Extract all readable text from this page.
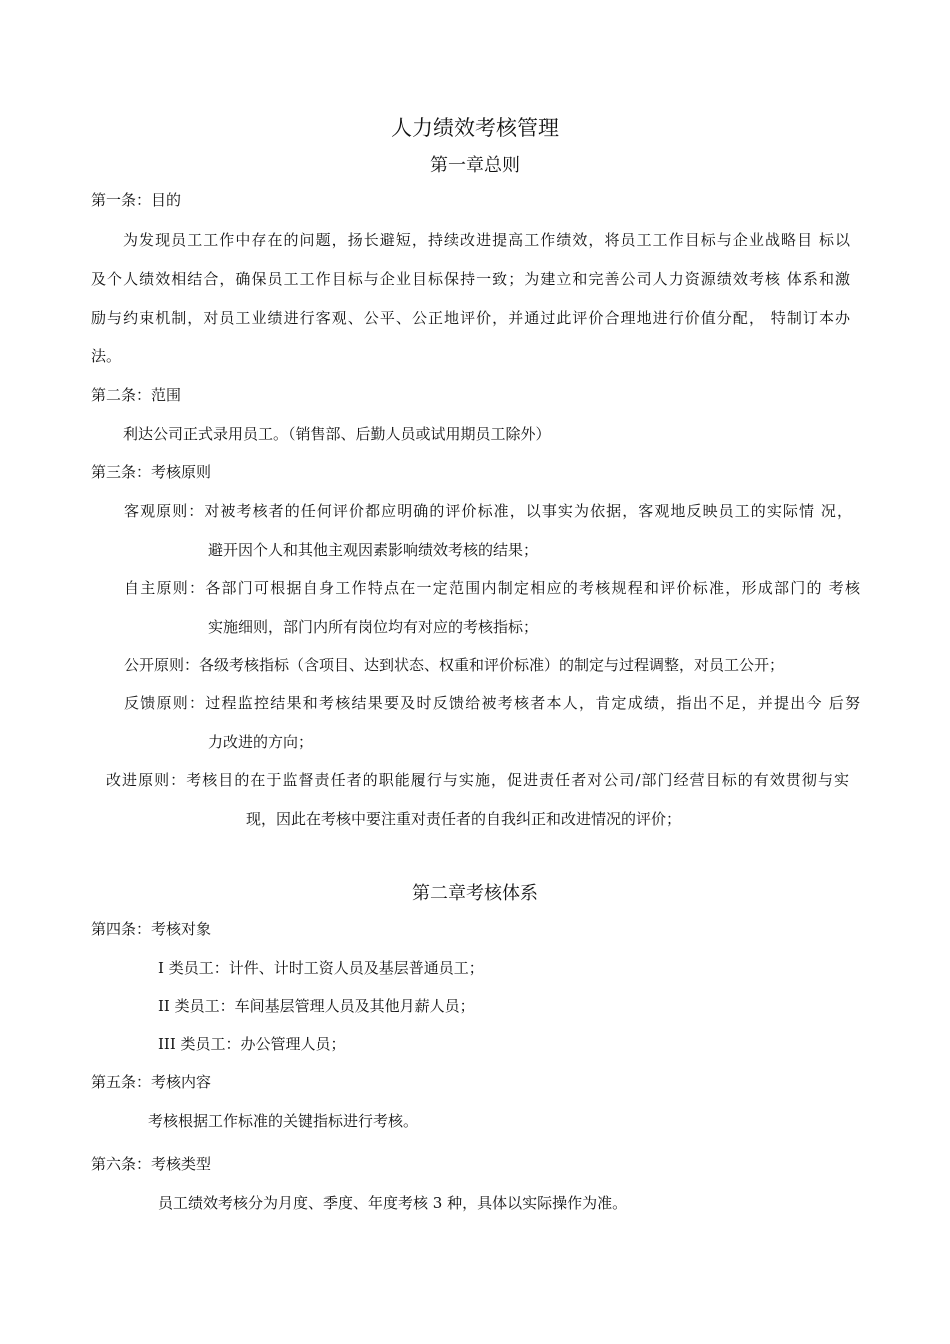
人力绩效考核管理
第一章总则
第一条：目的
为发现员工工作中存在的问题，扬长避短，持续改进提高工作绩效，将员工工作目标与企业战略目 标以
及个人绩效相结合，确保员工工作目标与企业目标保持一致；为建立和完善公司人力资源绩效考核 体系和激
励与约束机制，对员工业绩进行客观、公平、公正地评价，并通过此评价合理地进行价值分配， 特制订本办
法。
第二条：范围
利达公司正式录用员工。（销售部、后勤人员或试用期员工除外）
第三条：考核原则
客观原则：对被考核者的任何评价都应明确的评价标准，以事实为依据，客观地反映员工的实际情 况，
避开因个人和其他主观因素影响绩效考核的结果；
自主原则：各部门可根据自身工作特点在一定范围内制定相应的考核规程和评价标准，形成部门的 考核
实施细则，部门内所有岗位均有对应的考核指标；
公开原则：各级考核指标（含项目、达到状态、权重和评价标准）的制定与过程调整，对员工公开；
反馈原则：过程监控结果和考核结果要及时反馈给被考核者本人，肯定成绩，指出不足，并提出今 后努
力改进的方向；
改进原则：考核目的在于监督责任者的职能履行与实施，促进责任者对公司/部门经营目标的有效贯彻与实
现，因此在考核中要注重对责任者的自我纠正和改进情况的评价；
第二章考核体系
第四条：考核对象
I 类员工：计件、计时工资人员及基层普通员工；
II 类员工：车间基层管理人员及其他月薪人员；
III 类员工：办公管理人员；
第五条：考核内容
考核根据工作标准的关键指标进行考核。
第六条：考核类型
员工绩效考核分为月度、季度、年度考核 3 种，具体以实际操作为准。
